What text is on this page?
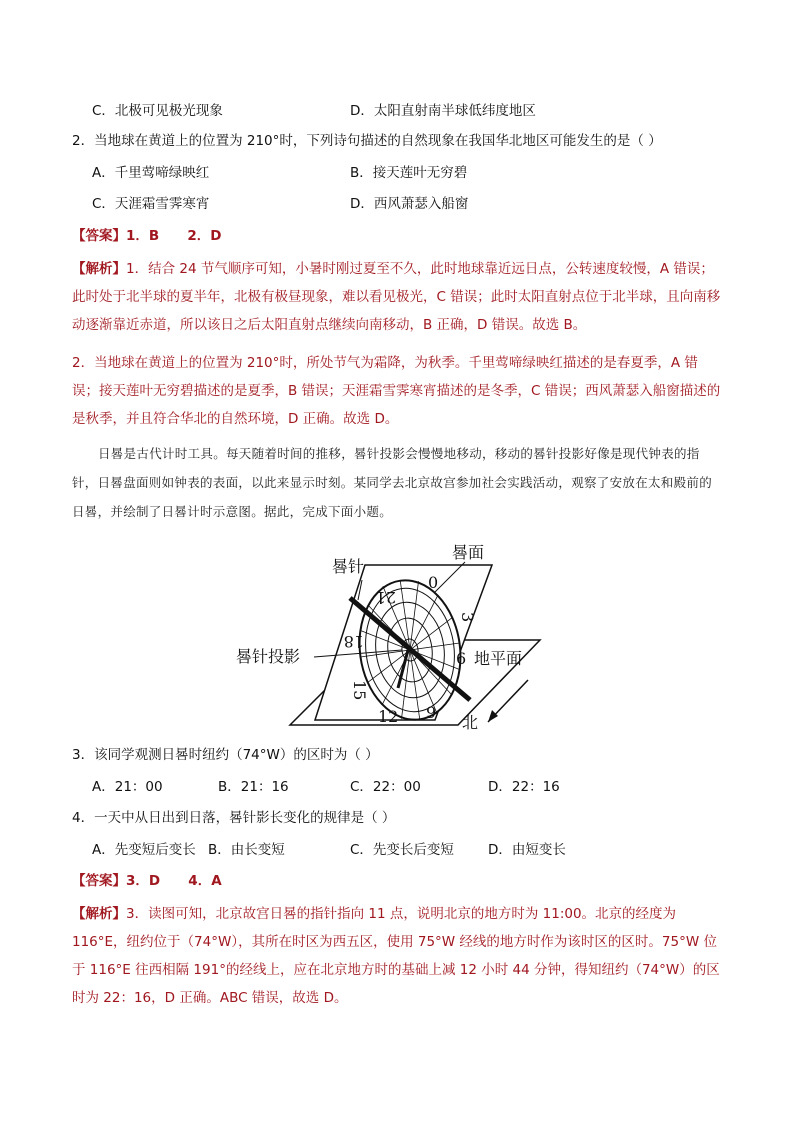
C．北极可见极光现象	D．太阳直射南半球低纬度地区
2．当地球在黄道上的位置为 210°时，下列诗句描述的自然现象在我国华北地区可能发生的是（ ）
A．千里莺啼绿映红	B．接天莲叶无穷碧
C．天涯霜雪霁寒宵	D．西风萧瑟入船窗
【答案】1．B      2．D
【解析】1．结合 24 节气顺序可知，小暑时刚过夏至不久，此时地球靠近远日点，公转速度较慢，A 错误；此时处于北半球的夏半年，北极有极昼现象，难以看见极光，C 错误；此时太阳直射点位于北半球，且向南移动逐渐靠近赤道，所以该日之后太阳直射点继续向南移动，B 正确，D 错误。故选 B。
2．当地球在黄道上的位置为 210°时，所处节气为霜降，为秋季。千里莺啼绿映红描述的是春夏季，A 错误；接天莲叶无穷碧描述的是夏季，B 错误；天涯霜雪霁寒宵描述的是冬季，C 错误；西风萧瑟入船窗描述的是秋季，并且符合华北的自然环境，D 正确。故选 D。
日晷是古代计时工具。每天随着时间的推移，晷针投影会慢慢地移动，移动的晷针投影好像是现代钟表的指针，日晷盘面则如钟表的表面，以此来显示时刻。某同学去北京故宫参加社会实践活动，观察了安放在太和殿前的日晷，并绘制了日晷计时示意图。据此，完成下面小题。
0
3
6
9
12
15
18
21
晷针
晷面
晷针投影	地平面
北
3．该同学观测日晷时纽约（74°W）的区时为（ ）
A．21：00	B．21：16	C．22：00	D．22：16
4．一天中从日出到日落，晷针影长变化的规律是（ ）
A．先变短后变长 B．由长变短	C．先变长后变短	D．由短变长
【答案】3．D      4．A
【解析】3．读图可知，北京故宫日晷的指针指向 11 点，说明北京的地方时为 11:00。北京的经度为 116°E，纽约位于（74°W），其所在时区为西五区，使用 75°W 经线的地方时作为该时区的区时。75°W 位于 116°E 往西相隔 191°的经线上，应在北京地方时的基础上减 12 小时 44 分钟，得知纽约（74°W）的区时为 22：16，D 正确。ABC 错误，故选 D。
